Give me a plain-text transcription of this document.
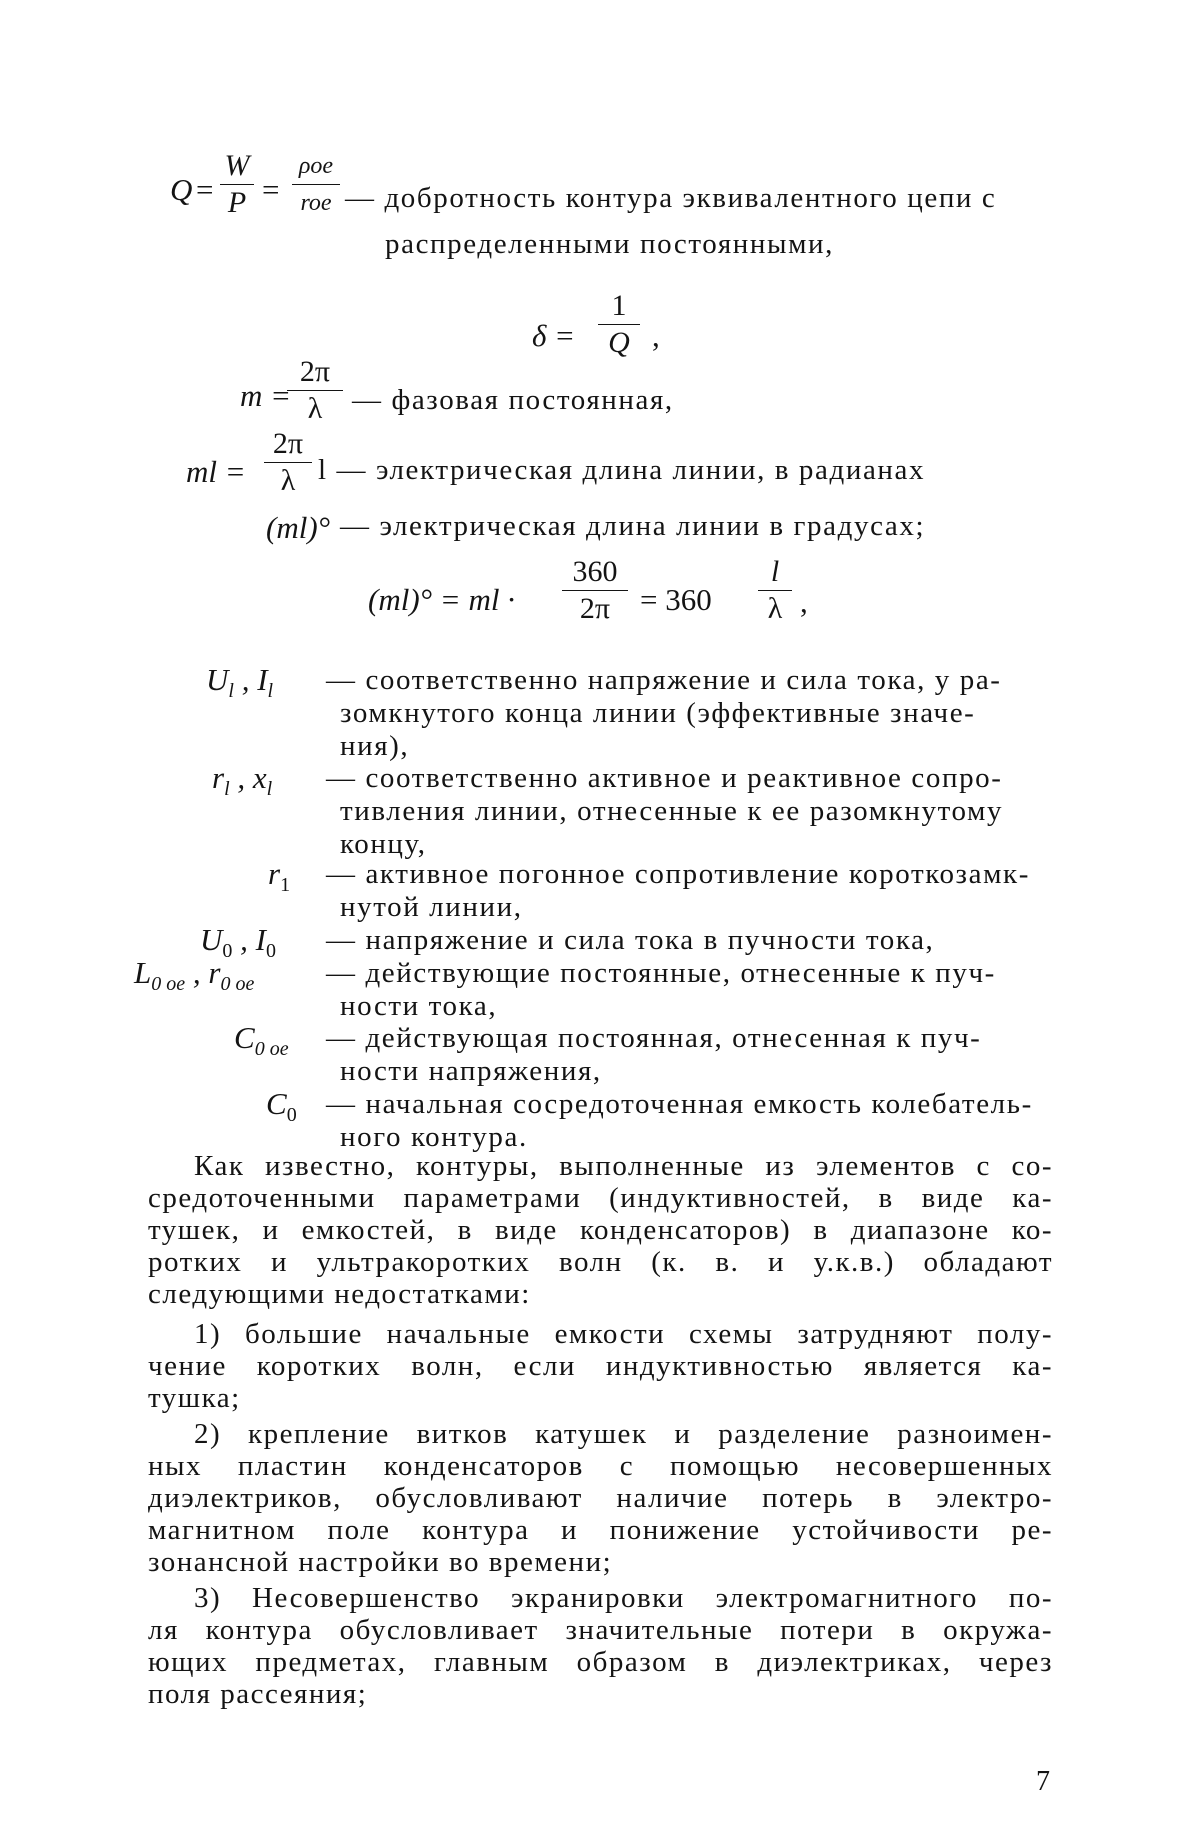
Q =
W
P =
ρoe
roe — добротность контура эквивалентного цепи с
распределенными постоянными,
δ =
1
Q ,
m =
2π
λ — фазовая постоянная,
ml =
2π
λ l — электрическая длина линии, в радианах
(ml)° — электрическая длина линии в градусах;
(ml)° = ml ·
360
2π = 360
l
λ ,
$U_l$ , $I_l$ — соответственно напряжение и сила тока, у ра-
зомкнутого конца линии (эффективные значе-
ния),
$r_l$ , $x_l$ — соответственно активное и реактивное сопро-
тивления линии, отнесенные к ее разомкнутому
концу,
$r_1$ — активное погонное сопротивление короткозамк-
нутой линии,
$U_0$ , $I_0$ — напряжение и сила тока в пучности тока,
$L_{0 oe}$ , $r_{0 oe}$ — действующие постоянные, отнесенные к пуч-
ности тока,
$C_{0 oe}$ — действующая постоянная, отнесенная к пуч-
ности напряжения,
$C_0$ — начальная сосредоточенная емкость колебатель-
ного контура.
Как известно, контуры, выполненные из элементов с со-
средоточенными параметрами (индуктивностей, в виде ка-
тушек, и емкостей, в виде конденсаторов) в диапазоне ко-
ротких и ультракоротких волн (к. в. и у.к.в.) обладают
следующими недостатками:
1) большие начальные емкости схемы затрудняют полу-
чение коротких волн, если индуктивностью является ка-
тушка;
2) крепление витков катушек и разделение разноимен-
ных пластин конденсаторов с помощью несовершенных
диэлектриков, обусловливают наличие потерь в электро-
магнитном поле контура и понижение устойчивости ре-
зонансной настройки во времени;
3) Несовершенство экранировки электромагнитного по-
ля контура обусловливает значительные потери в окружа-
ющих предметах, главным образом в диэлектриках, через
поля рассеяния;
7
